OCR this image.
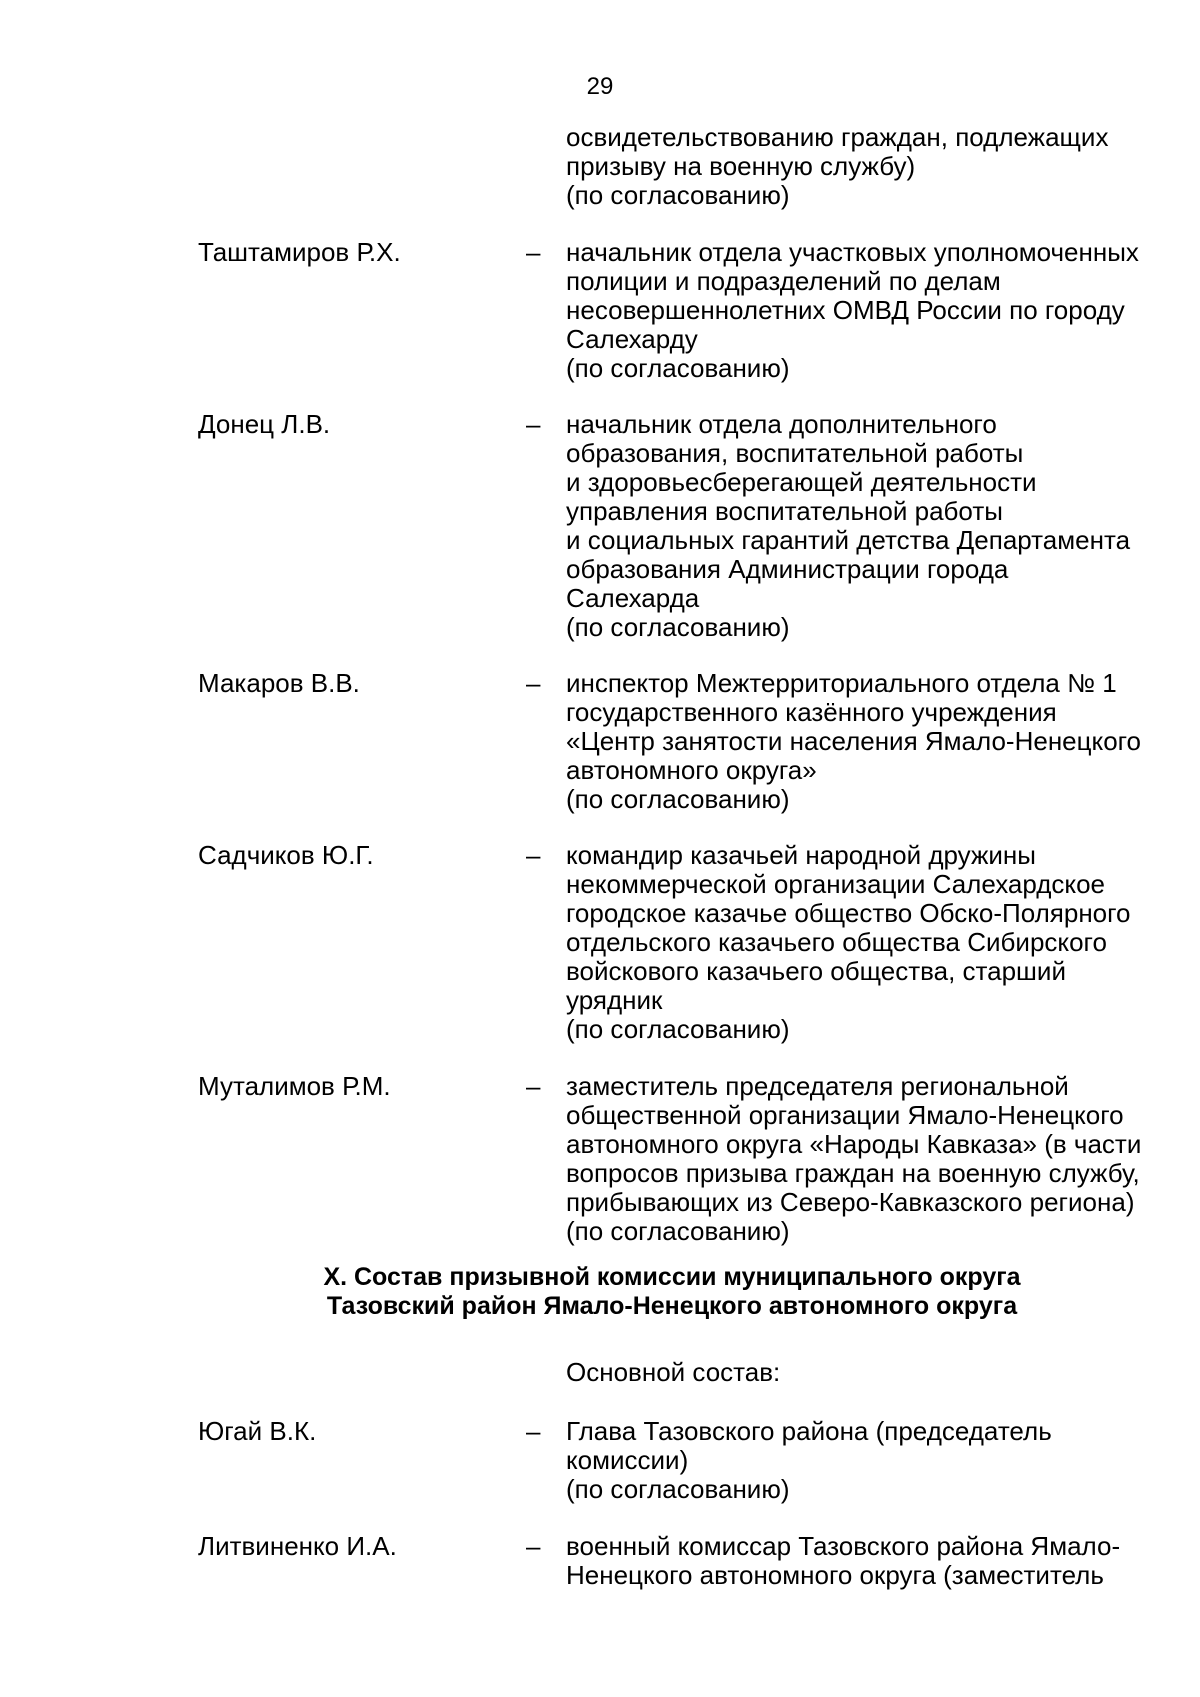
29
освидетельствованию граждан, подлежащих
призыву на военную службу)
(по согласованию)
Таштамиров Р.Х.	– начальник отдела участковых уполномоченных
полиции и подразделений по делам
несовершеннолетних ОМВД России по городу
Салехарду
(по согласованию)
Донец Л.В.	– начальник отдела дополнительного
образования, воспитательной работы
и здоровьесберегающей деятельности
управления воспитательной работы
и социальных гарантий детства Департамента
образования Администрации города
Салехарда
(по согласованию)
Макаров В.В.	– инспектор Межтерриториального отдела № 1
государственного казённого учреждения
«Центр занятости населения Ямало-Ненецкого
автономного округа»
(по согласованию)
Садчиков Ю.Г.	– командир казачьей народной дружины
некоммерческой организации Салехардское
городское казачье общество Обско-Полярного
отдельского казачьего общества Сибирского
войскового казачьего общества, старший
урядник
(по согласованию)
Муталимов Р.М.	– заместитель председателя региональной
общественной организации Ямало-Ненецкого
автономного округа «Народы Кавказа» (в части
вопросов призыва граждан на военную службу,
прибывающих из Северо-Кавказского региона)
(по согласованию)
X. Состав призывной комиссии муниципального округа
Тазовский район Ямало-Ненецкого автономного округа
Основной состав:
Югай В.К.	– Глава Тазовского района (председатель
комиссии)
(по согласованию)
Литвиненко И.А.	– военный комиссар Тазовского района Ямало-
Ненецкого автономного округа (заместитель
